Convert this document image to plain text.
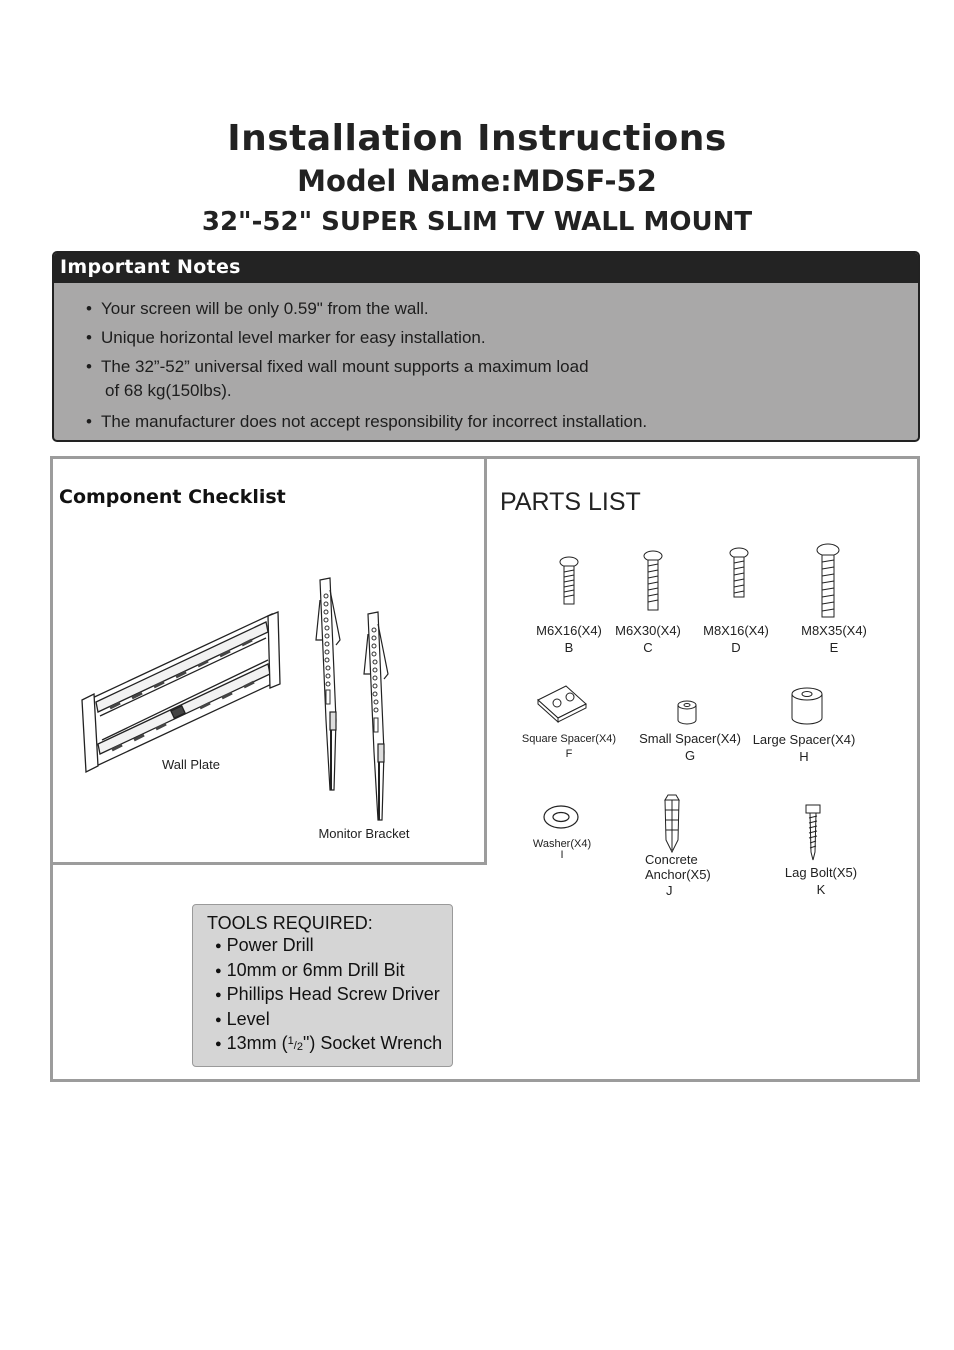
Installation Instructions
Model Name:MDSF-52
32"-52" SUPER SLIM TV WALL MOUNT
Important Notes
• Your screen will be only 0.59" from the wall.
• Unique horizontal level marker for easy installation.
• The 32”-52” universal fixed wall mount supports a maximum load
of 68 kg(150lbs).
• The manufacturer does not accept responsibility for incorrect installation.
Component Checklist	PARTS LIST
Wall Plate
Monitor Bracket
M6X16(X4)
B
M6X30(X4)
C
M8X16(X4)
D
M8X35(X4)
E
Square Spacer(X4)
F
Small Spacer(X4)
G
Large Spacer(X4)
H
Washer(X4)
I	Concrete
Anchor(X5)
J
Lag Bolt(X5)
K
TOOLS REQUIRED:
● Power Drill
● 10mm or 6mm Drill Bit
● Phillips Head Screw Driver
● Level
● 13mm ($^1$/2") Socket Wrench
